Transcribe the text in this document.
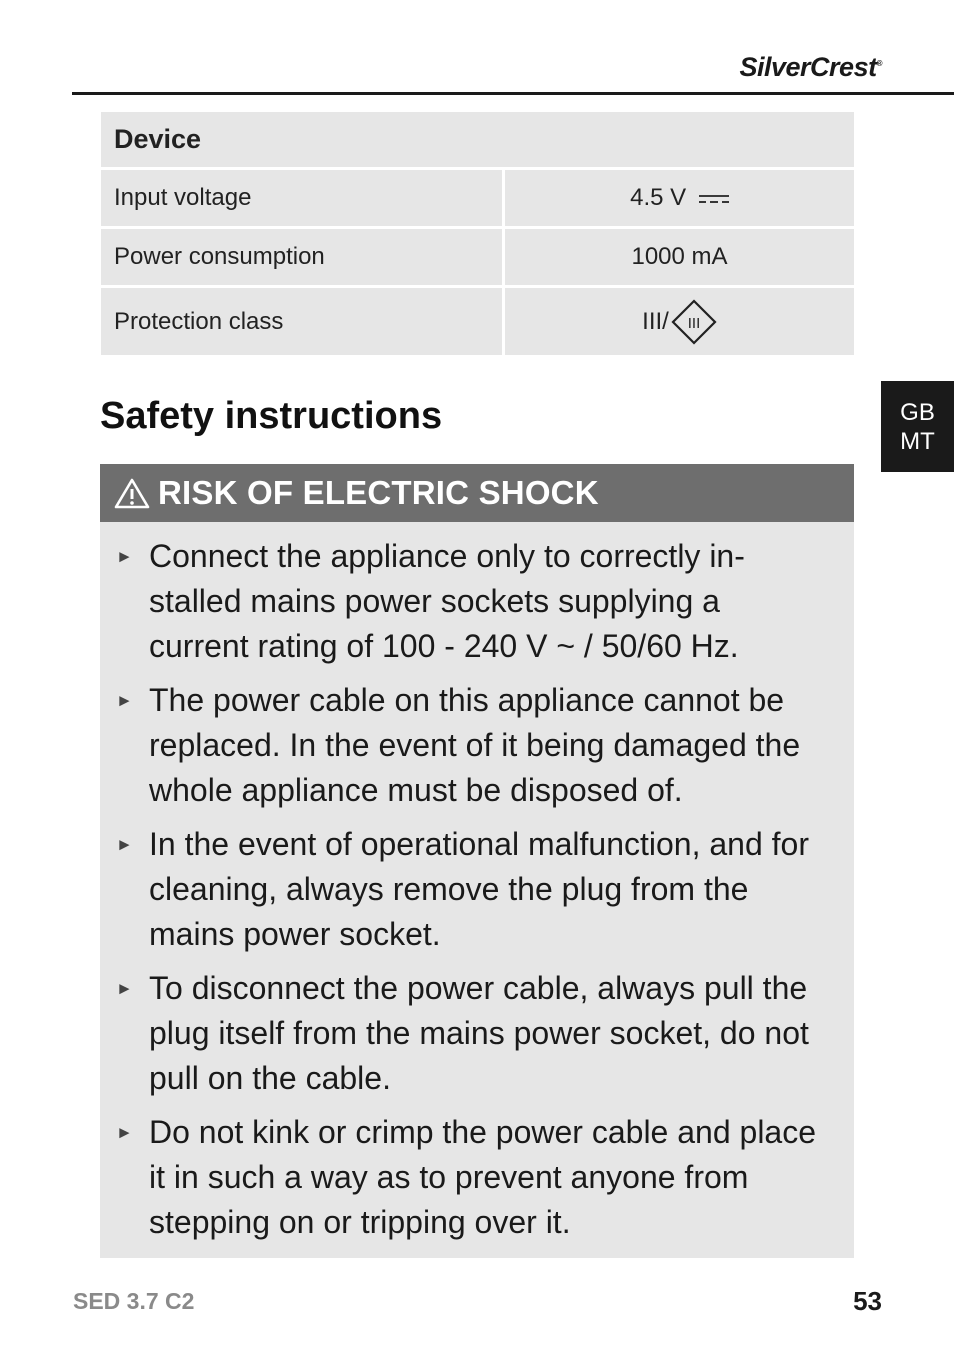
SilverCrest®
Device	
Input voltage	4.5 V
Power consumption	1000 mA
Protection class	III/ III
Safety instructions	GB
MT
RISK OF ELECTRIC SHOCK
► Connect the appliance only to correctly in-stalled mains power sockets supplying a current rating of 100 - 240 V ~ / 50/60 Hz.
► The power cable on this appliance cannot be replaced. In the event of it being damaged the whole appliance must be disposed of.
► In the event of operational malfunction, and for cleaning, always remove the plug from the mains power socket.
► To disconnect the power cable, always pull the plug itself from the mains power socket, do not pull on the cable.
► Do not kink or crimp the power cable and place it in such a way as to prevent anyone from stepping on or tripping over it.
SED 3.7 C2	53
